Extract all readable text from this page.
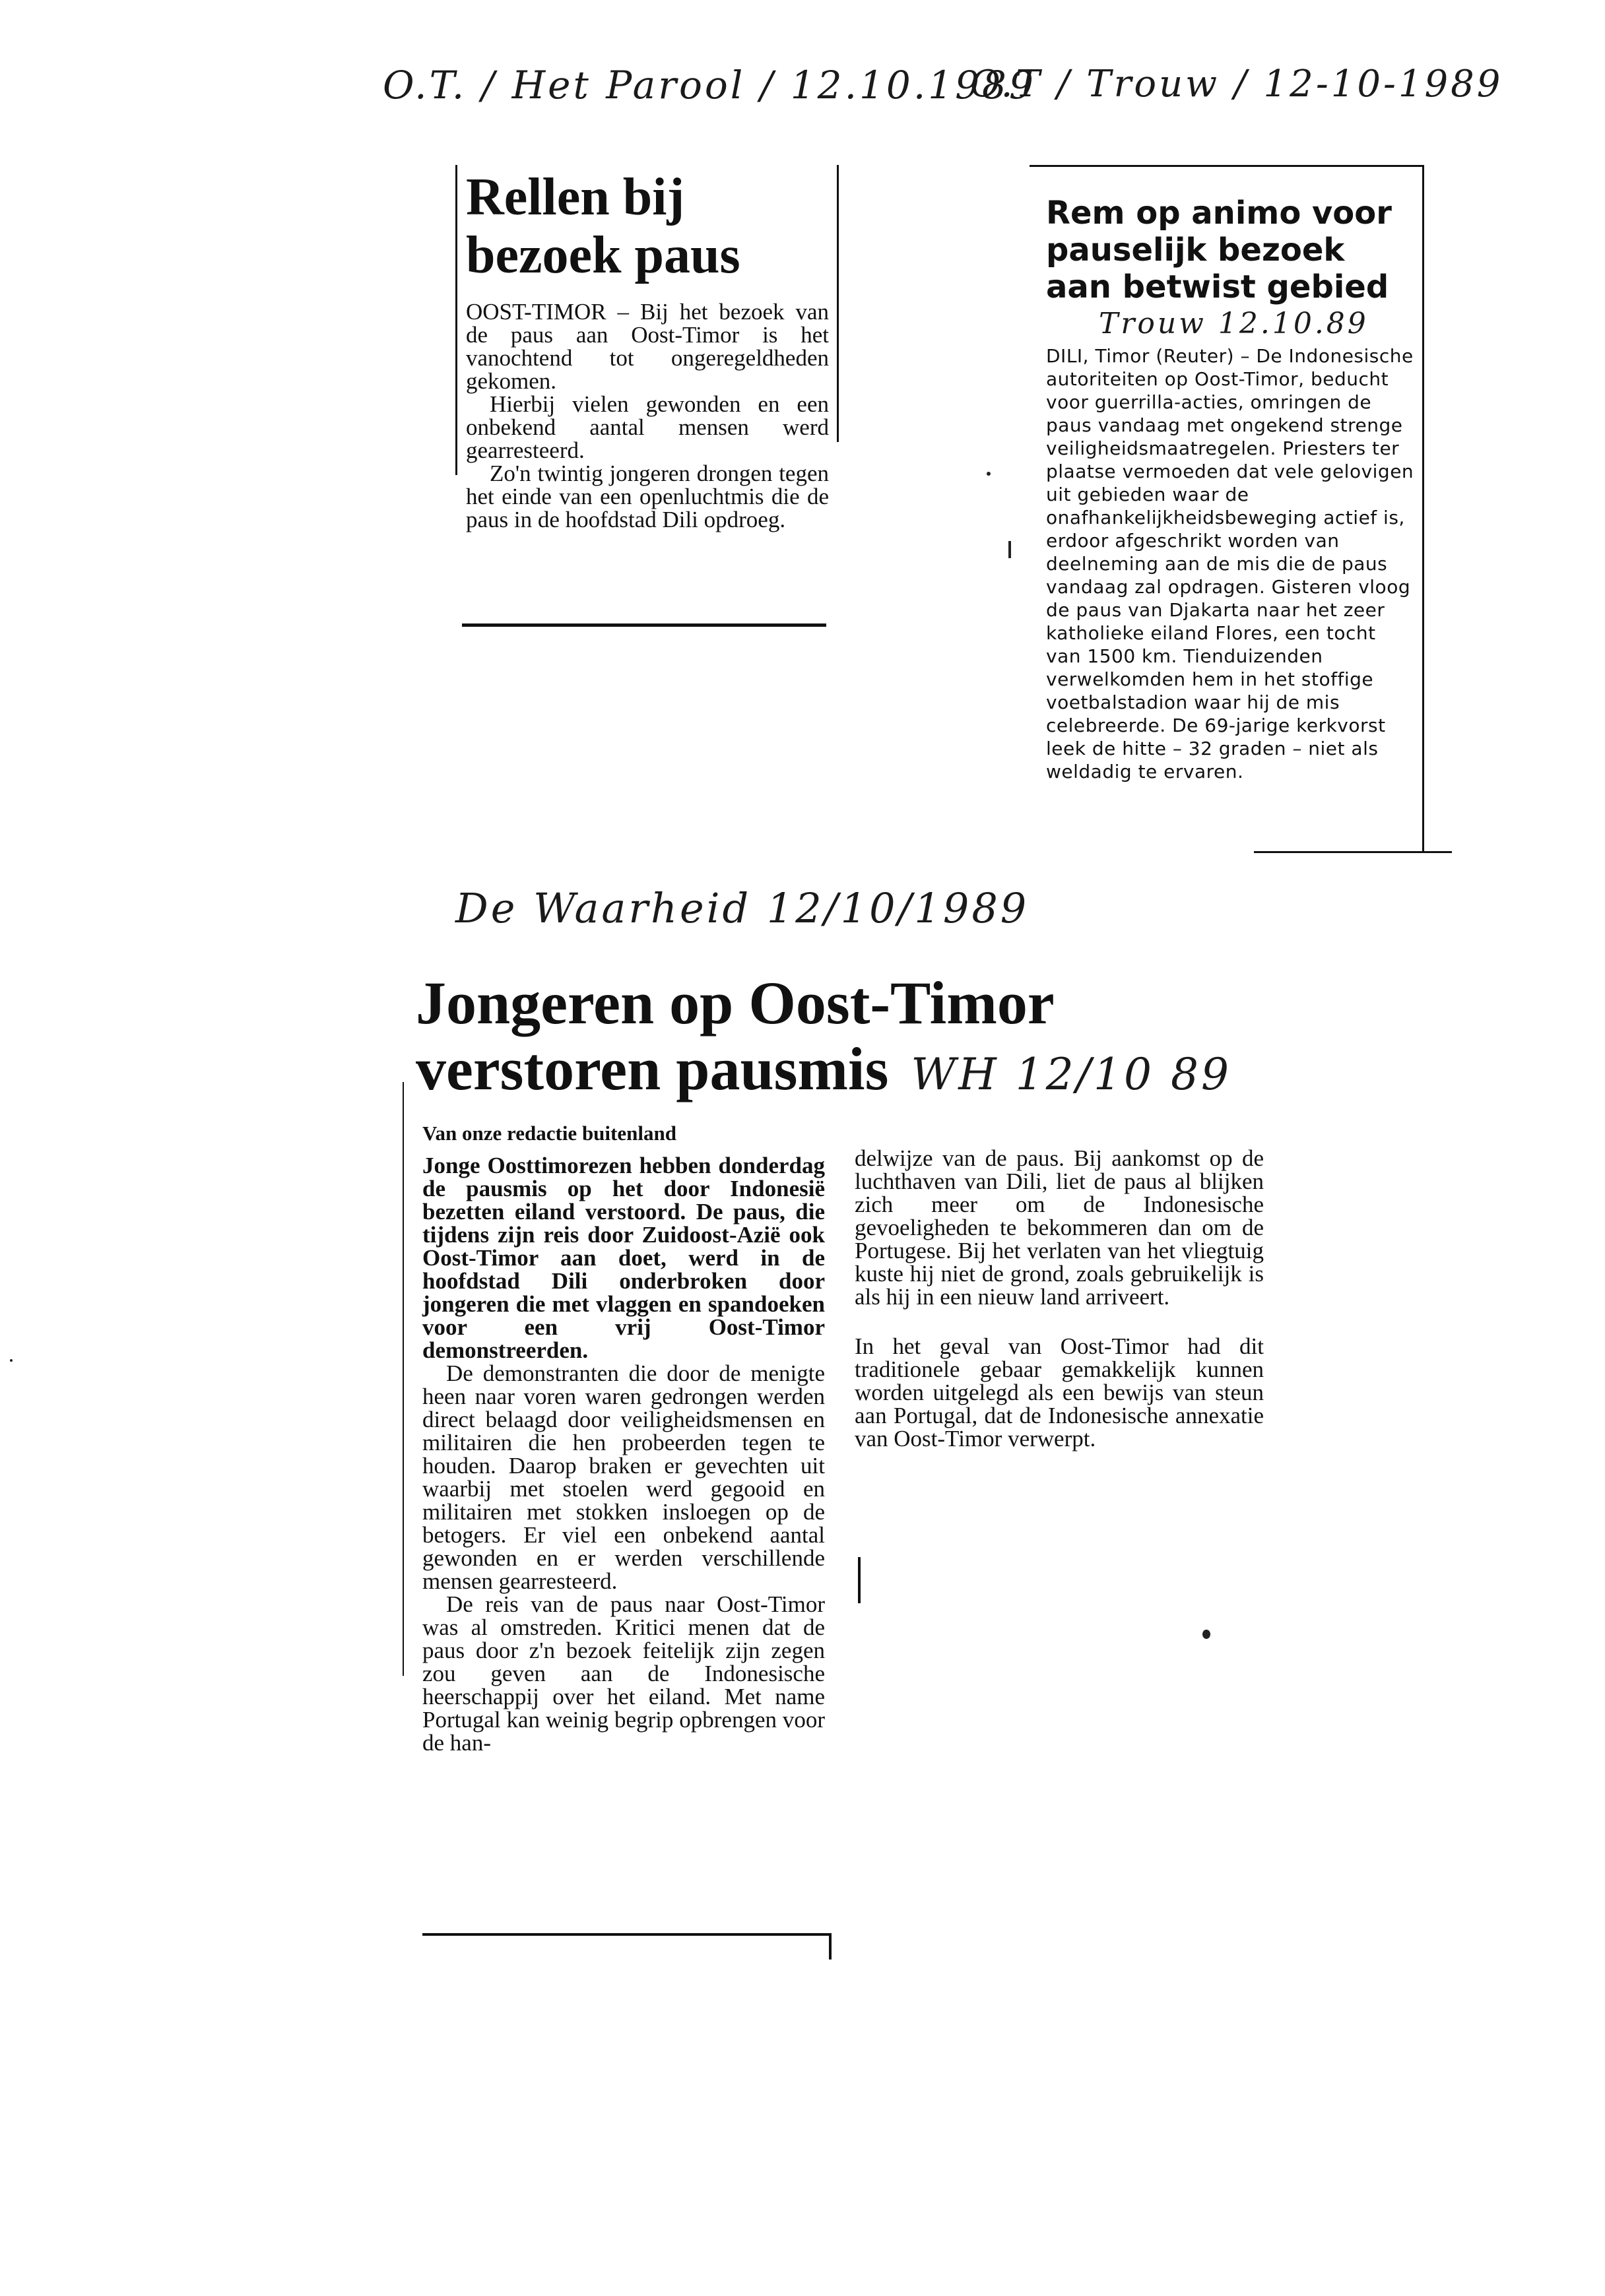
O.T. / Het Parool / 12.10.1989
O.T / Trouw / 12-10-1989
De Waarheid 12/10/1989
Rellen bij bezoek paus

OOST-TIMOR – Bij het bezoek van de paus aan Oost-Timor is het vanochtend tot ongeregeldheden gekomen.

Hierbij vielen gewonden en een onbekend aantal mensen werd gearresteerd.

Zo'n twintig jongeren drongen tegen het einde van een openluchtmis die de paus in de hoofdstad Dili opdroeg.

Rem op animo voor pauselijk bezoek aan betwist gebied
Trouw 12.10.89

DILI, Timor (Reuter) – De Indonesische autoriteiten op Oost-Timor, beducht voor guerrilla-acties, omringen de paus vandaag met ongekend strenge veiligheidsmaatregelen. Priesters ter plaatse vermoeden dat vele gelovigen uit gebieden waar de onafhankelijkheidsbeweging actief is, erdoor afgeschrikt worden van deelneming aan de mis die de paus vandaag zal opdragen. Gisteren vloog de paus van Djakarta naar het zeer katholieke eiland Flores, een tocht van 1500 km. Tienduizenden verwelkomden hem in het stoffige voetbalstadion waar hij de mis celebreerde. De 69-jarige kerkvorst leek de hitte – 32 graden – niet als weldadig te ervaren.

Jongeren op Oost-Timor
verstoren pausmis WH 12/10 89

Van onze redactie buitenland

Jonge Oosttimorezen hebben donderdag de pausmis op het door Indonesië bezetten eiland verstoord. De paus, die tijdens zijn reis door Zuidoost-Azië ook Oost-Timor aan doet, werd in de hoofdstad Dili onderbroken door jongeren die met vlaggen en spandoeken voor een vrij Oost-Timor demonstreerden.

De demonstranten die door de menigte heen naar voren waren gedrongen werden direct belaagd door veiligheidsmensen en militairen die hen probeerden tegen te houden. Daarop braken er gevechten uit waarbij met stoelen werd gegooid en militairen met stokken insloegen op de betogers. Er viel een onbekend aantal gewonden en er werden verschillende mensen gearresteerd.

De reis van de paus naar Oost-Timor was al omstreden. Kritici menen dat de paus door z'n bezoek feitelijk zijn zegen zou geven aan de Indonesische heerschappij over het eiland. Met name Portugal kan weinig begrip opbrengen voor de han-

delwijze van de paus. Bij aankomst op de luchthaven van Dili, liet de paus al blijken zich meer om de Indonesische gevoeligheden te bekommeren dan om de Portugese. Bij het verlaten van het vliegtuig kuste hij niet de grond, zoals gebruikelijk is als hij in een nieuw land arriveert.

In het geval van Oost-Timor had dit traditionele gebaar gemakkelijk kunnen worden uitgelegd als een bewijs van steun aan Portugal, dat de Indonesische annexatie van Oost-Timor verwerpt.
